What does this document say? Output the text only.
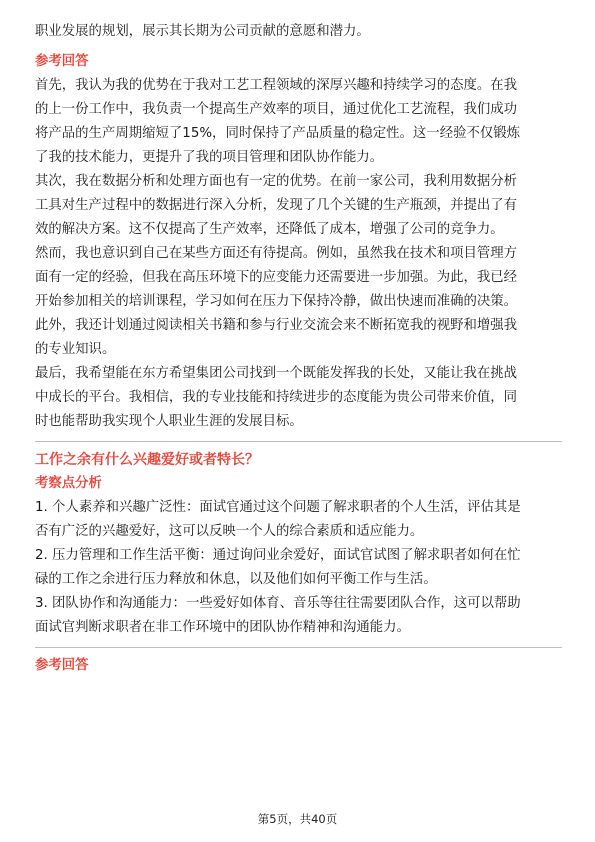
职业发展的规划，展示其长期为公司贡献的意愿和潜力。
参考回答
首先，我认为我的优势在于我对工艺工程领域的深厚兴趣和持续学习的态度。在我
的上一份工作中，我负责一个提高生产效率的项目，通过优化工艺流程，我们成功
将产品的生产周期缩短了15%，同时保持了产品质量的稳定性。这一经验不仅锻炼
了我的技术能力，更提升了我的项目管理和团队协作能力。
其次，我在数据分析和处理方面也有一定的优势。在前一家公司，我利用数据分析
工具对生产过程中的数据进行深入分析，发现了几个关键的生产瓶颈，并提出了有
效的解决方案。这不仅提高了生产效率，还降低了成本，增强了公司的竞争力。
然而，我也意识到自己在某些方面还有待提高。例如，虽然我在技术和项目管理方
面有一定的经验，但我在高压环境下的应变能力还需要进一步加强。为此，我已经
开始参加相关的培训课程，学习如何在压力下保持冷静，做出快速而准确的决策。
此外，我还计划通过阅读相关书籍和参与行业交流会来不断拓宽我的视野和增强我
的专业知识。
最后，我希望能在东方希望集团公司找到一个既能发挥我的长处，又能让我在挑战
中成长的平台。我相信，我的专业技能和持续进步的态度能为贵公司带来价值，同
时也能帮助我实现个人职业生涯的发展目标。
工作之余有什么兴趣爱好或者特长？
考察点分析
1. 个人素养和兴趣广泛性：面试官通过这个问题了解求职者的个人生活，评估其是
否有广泛的兴趣爱好，这可以反映一个人的综合素质和适应能力。
2. 压力管理和工作生活平衡：通过询问业余爱好，面试官试图了解求职者如何在忙
碌的工作之余进行压力释放和休息，以及他们如何平衡工作与生活。
3. 团队协作和沟通能力：一些爱好如体育、音乐等往往需要团队合作，这可以帮助
面试官判断求职者在非工作环境中的团队协作精神和沟通能力。
参考回答
第5页，共40页
